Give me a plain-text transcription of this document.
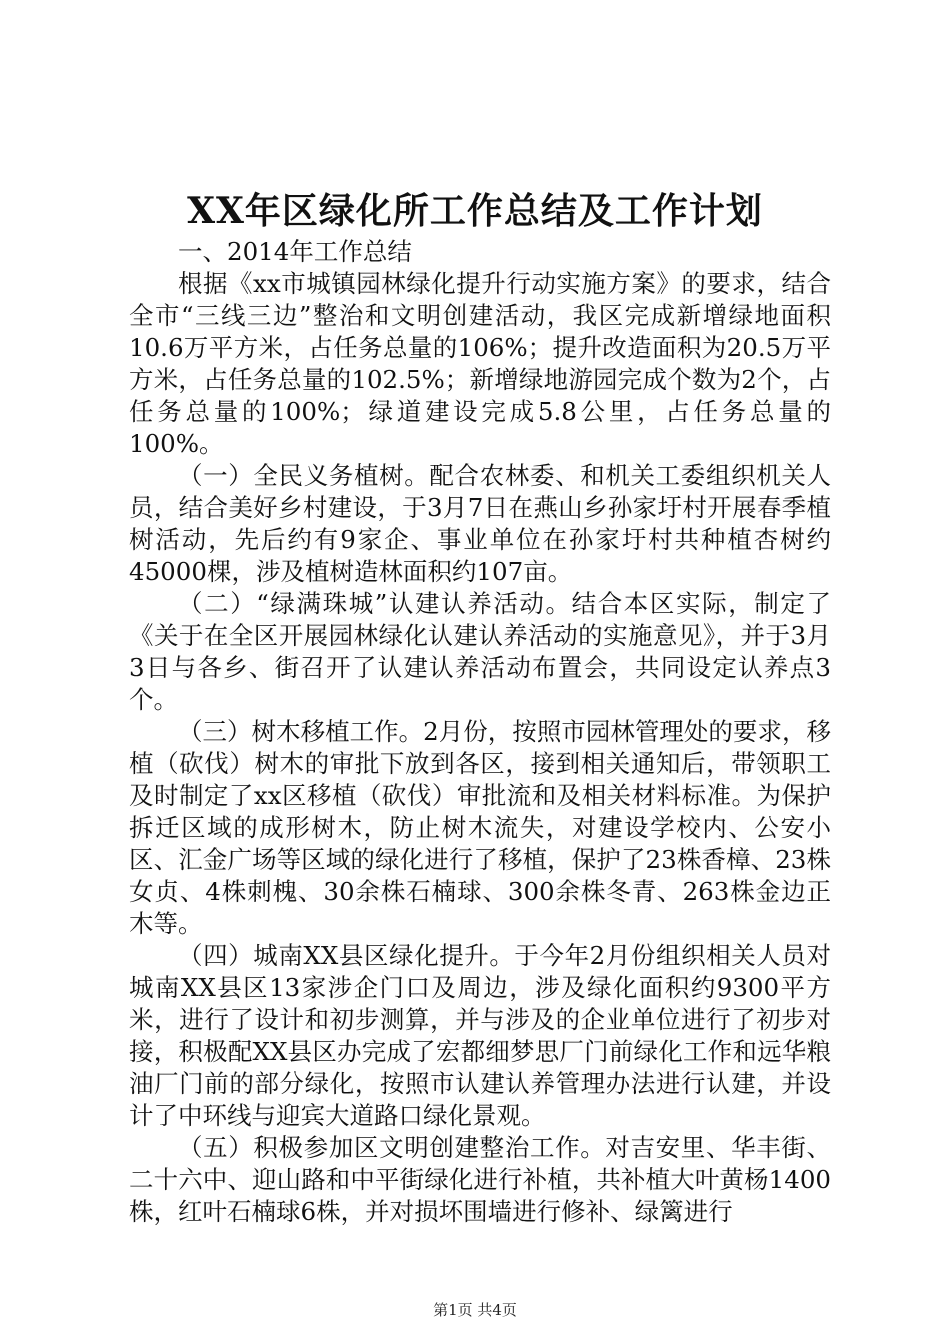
XX年区绿化所工作总结及工作计划

一、2014年工作总结

根据《xx市城镇园林绿化提升行动实施方案》的要求，结合全市“三线三边”整治和文明创建活动，我区完成新增绿地面积10.6万平方米，占任务总量的106%；提升改造面积为20.5万平方米，占任务总量的102.5%；新增绿地游园完成个数为2个，占任务总量的100%；绿道建设完成5.8公里，占任务总量的100%。

（一）全民义务植树。配合农林委、和机关工委组织机关人员，结合美好乡村建设，于3月7日在燕山乡孙家圩村开展春季植树活动，先后约有9家企、事业单位在孙家圩村共种植杏树约45000棵，涉及植树造林面积约107亩。

（二）“绿满珠城”认建认养活动。结合本区实际，制定了《关于在全区开展园林绿化认建认养活动的实施意见》，并于3月3日与各乡、街召开了认建认养活动布置会，共同设定认养点3个。

（三）树木移植工作。2月份，按照市园林管理处的要求，移植（砍伐）树木的审批下放到各区，接到相关通知后，带领职工及时制定了xx区移植（砍伐）审批流和及相关材料标准。为保护拆迁区域的成形树木，防止树木流失，对建设学校内、公安小区、汇金广场等区域的绿化进行了移植，保护了23株香樟、23株女贞、4株刺槐、30余株石楠球、300余株冬青、263株金边正木等。

（四）城南XX县区绿化提升。于今年2月份组织相关人员对城南XX县区13家涉企门口及周边，涉及绿化面积约9300平方米，进行了设计和初步测算，并与涉及的企业单位进行了初步对接，积极配XX县区办完成了宏都细梦思厂门前绿化工作和远华粮油厂门前的部分绿化，按照市认建认养管理办法进行认建，并设计了中环线与迎宾大道路口绿化景观。

（五）积极参加区文明创建整治工作。对吉安里、华丰街、二十六中、迎山路和中平街绿化进行补植，共补植大叶黄杨1400株，红叶石楠球6株，并对损坏围墙进行修补、绿篱进行

第1页 共4页
